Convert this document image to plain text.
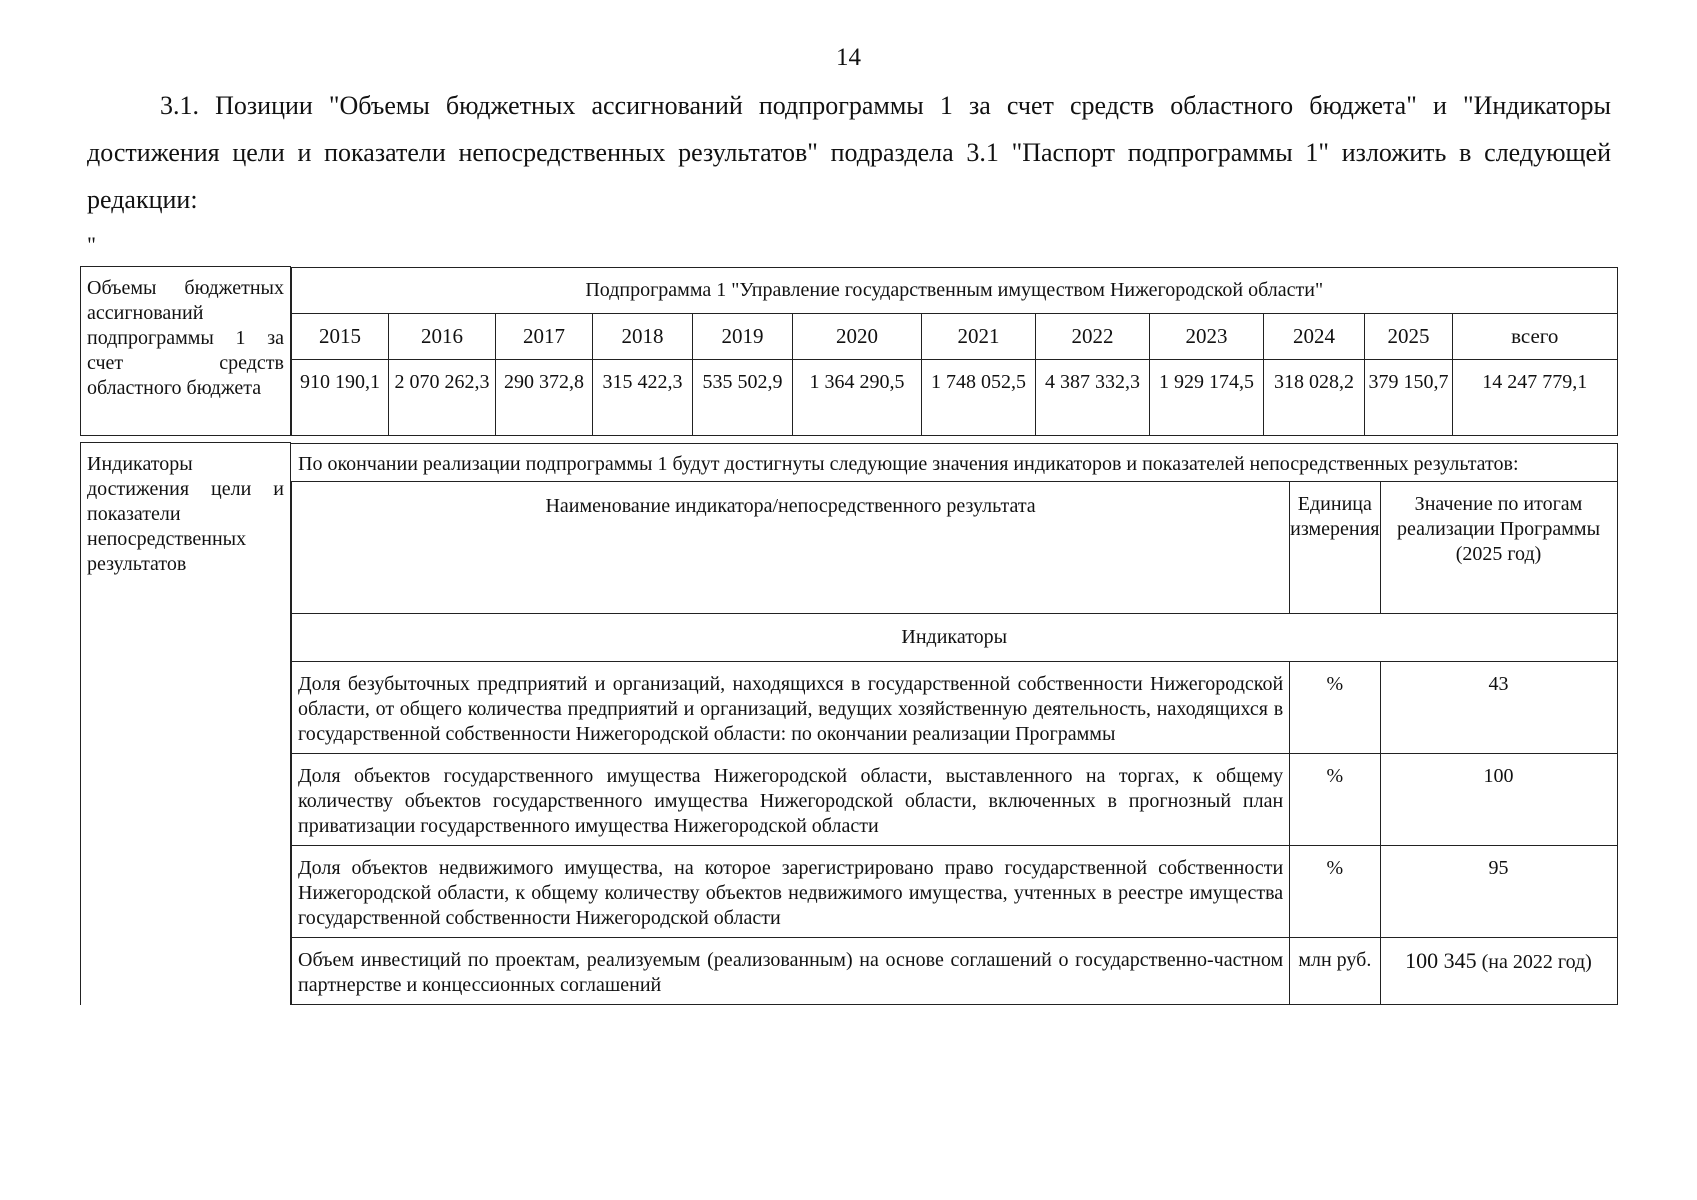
14

3.1. Позиции "Объемы бюджетных ассигнований подпрограммы 1 за счет средств областного бюджета" и "Индикаторы достижения цели и показатели непосредственных результатов" подраздела 3.1 "Паспорт подпрограммы 1" изложить в следующей редакции:

"
Объемы бюджетных ассигнований подпрограммы 1 за счет средств областного бюджета	
Подпрограмма 1 "Управление государственным имуществом Нижегородской области"
2015	2016	2017	2018	2019	2020	2021	2022	2023	2024	2025	всего
910 190,1	2 070 262,3	290 372,8	315 422,3	535 502,9	1 364 290,5	1 748 052,5	4 387 332,3	1 929 174,5	318 028,2	379 150,7	14 247 779,1

Индикаторы достижения цели и показатели непосредственных результатов	
По окончании реализации подпрограммы 1 будут достигнуты следующие значения индикаторов и показателей непосредственных результатов:
Наименование индикатора/непосредственного результата	Единица измерения	Значение по итогам реализации Программы (2025 год)
Индикаторы
Доля безубыточных предприятий и организаций, находящихся в государственной собственности Нижегородской области, от общего количества предприятий и организаций, ведущих хозяйственную деятельность, находящихся в государственной собственности Нижегородской области: по окончании реализации Программы	%	43
Доля объектов государственного имущества Нижегородской области, выставленного на торгах, к общему количеству объектов государственного имущества Нижегородской области, включенных в прогнозный план приватизации государственного имущества Нижегородской области	%	100
Доля объектов недвижимого имущества, на которое зарегистрировано право государственной собственности Нижегородской области, к общему количеству объектов недвижимого имущества, учтенных в реестре имущества государственной собственности Нижегородской области	%	95
Объем инвестиций по проектам, реализуемым (реализованным) на основе соглашений о государственно-частном партнерстве и концессионных соглашений	млн руб.	100 345 (на 2022 год)
